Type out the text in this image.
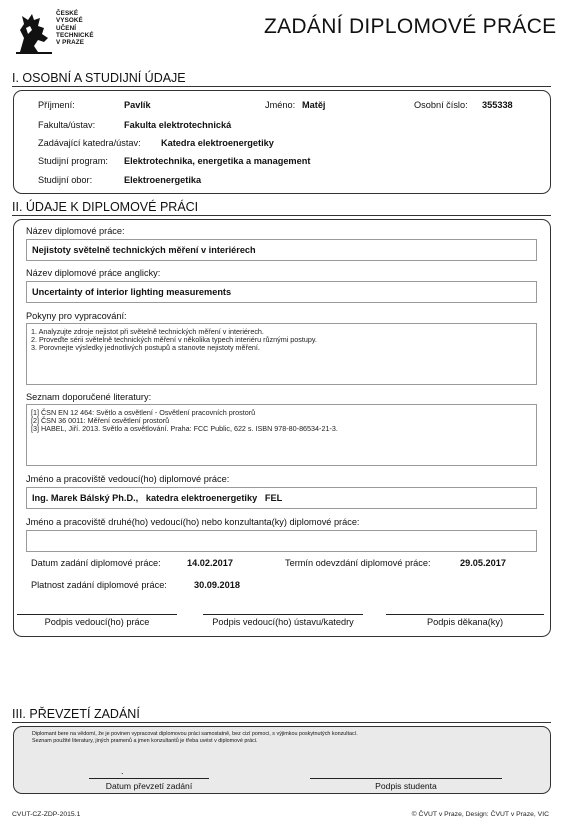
ČESKÉ
VYSOKÉ
UČENÍ
TECHNICKÉ
V PRAZE
ZADÁNÍ DIPLOMOVÉ PRÁCE
I. OSOBNÍ A STUDIJNÍ ÚDAJE
Příjmení:	Pavlík	Jméno: Matěj	Osobní číslo: 355338
Fakulta/ústav:	Fakulta elektrotechnická
Zadávající katedra/ústav: Katedra elektroenergetiky
Studijní program: Elektrotechnika, energetika a management
Studijní obor:	Elektroenergetika
II. ÚDAJE K DIPLOMOVÉ PRÁCI
Název diplomové práce:
Nejistoty světelně technických měření v interiérech
Název diplomové práce anglicky:
Uncertainty of interior lighting measurements
Pokyny pro vypracování:
1. Analyzujte zdroje nejistot při světelně technických měření v interiérech.
2. Proveďte sérii světelně technických měření v několika typech interiéru různými postupy.
3. Porovnejte výsledky jednotlivých postupů a stanovte nejistoty měření.
Seznam doporučené literatury:
[1] ČSN EN 12 464: Světlo a osvětlení - Osvětlení pracovních prostorů
[2] ČSN 36 0011: Měření osvětlení prostorů
[3] HABEL, Jiří. 2013. Světlo a osvětlování. Praha: FCC Public, 622 s. ISBN 978-80-86534-21-3.
Jméno a pracoviště vedoucí(ho) diplomové práce:
Ing. Marek Bálský Ph.D.,   katedra elektroenergetiky   FEL
Jméno a pracoviště druhé(ho) vedoucí(ho) nebo konzultanta(ky) diplomové práce:
Datum zadání diplomové práce:	14.02.2017	Termín odevzdání diplomové práce:	29.05.2017
Platnost zadání diplomové práce:	30.09.2018
Podpis vedoucí(ho) práce	Podpis vedoucí(ho) ústavu/katedry	Podpis děkana(ky)
III. PŘEVZETÍ ZADÁNÍ
Diplomant bere na vědomí, že je povinen vypracovat diplomovou práci samostatně, bez cizí pomoci, s výjimkou poskytnutých konzultací.
Seznam použité literatury, jiných pramenů a jmen konzultantů je třeba uvést v diplomové práci.
.
Datum převzetí zadání	Podpis studenta
CVUT-CZ-ZDP-2015.1	© ČVUT v Praze, Design: ČVUT v Praze, VIC
